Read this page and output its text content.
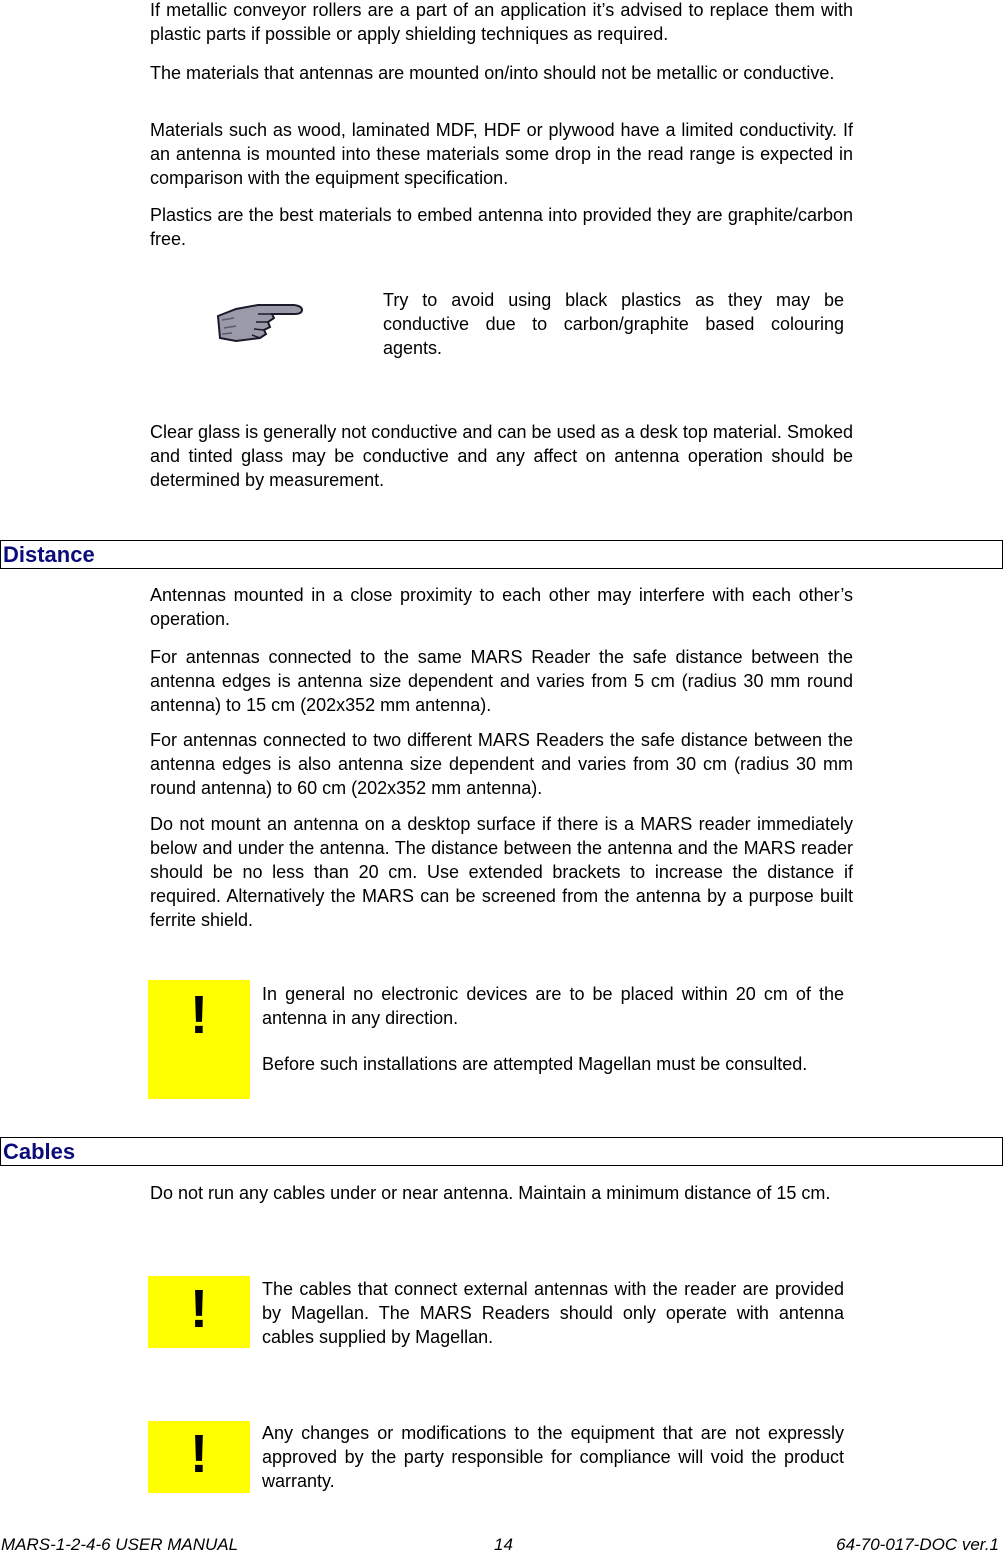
If metallic conveyor rollers are a part of an application it’s advised to replace them with plastic parts if possible or apply shielding techniques as required.

The materials that antennas are mounted on/into should not be metallic or conductive.

Materials such as wood, laminated MDF, HDF or plywood have a limited conductivity. If an antenna is mounted into these materials some drop in the read range is expected in comparison with the equipment specification.

Plastics are the best materials to embed antenna into provided they are graphite/carbon free.

Try to avoid using black plastics as they may be conductive due to carbon/graphite based colouring agents.

Clear glass is generally not conductive and can be used as a desk top material. Smoked and tinted glass may be conductive and any affect on antenna operation should be determined by measurement.

Distance

Antennas mounted in a close proximity to each other may interfere with each other’s operation.

For antennas connected to the same MARS Reader the safe distance between the antenna edges is antenna size dependent and varies from 5 cm (radius 30 mm round antenna) to 15 cm (202x352 mm antenna).

For antennas connected to two different MARS Readers the safe distance between the antenna edges is also antenna size dependent and varies from 30 cm (radius 30 mm round antenna) to 60 cm (202x352 mm antenna).

Do not mount an antenna on a desktop surface if there is a MARS reader immediately below and under the antenna. The distance between the antenna and the MARS reader should be no less than 20 cm. Use extended brackets to increase the distance if required. Alternatively the MARS can be screened from the antenna by a purpose built ferrite shield.

!	In general no electronic devices are to be placed within 20 cm of the antenna in any direction.

Before such installations are attempted Magellan must be consulted.

Cables

Do not run any cables under or near antenna. Maintain a minimum distance of 15 cm.

!	The cables that connect external antennas with the reader are provided by Magellan. The MARS Readers should only operate with antenna cables supplied by Magellan.

!	Any changes or modifications to the equipment that are not expressly approved by the party responsible for compliance will void the product warranty.

MARS-1-2-4-6 USER MANUAL	14	64-70-017-DOC ver.1
